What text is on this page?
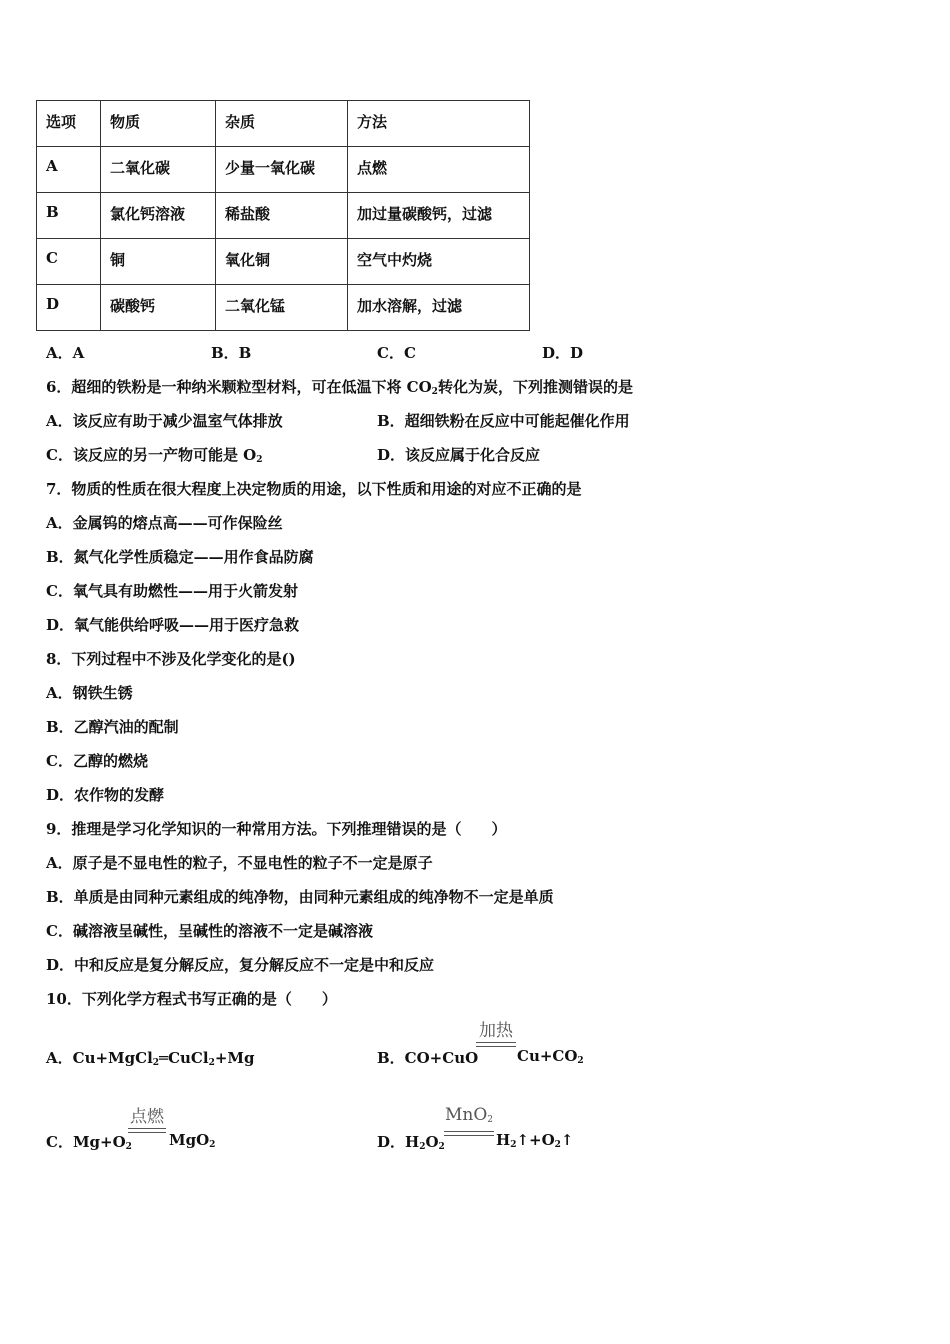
选项	物质	杂质	方法
A	二氧化碳	少量一氧化碳	点燃
B	氯化钙溶液	稀盐酸	加过量碳酸钙，过滤
C	铜	氧化铜	空气中灼烧
D	碳酸钙	二氧化锰	加水溶解，过滤
A．A	B．B	C．C	D．D
6．超细的铁粉是一种纳米颗粒型材料，可在低温下将 $CO_2$转化为炭，下列推测错误的是
A．该反应有助于减少温室气体排放	B．超细铁粉在反应中可能起催化作用
C．该反应的另一产物可能是 $O_2$	D．该反应属于化合反应
7．物质的性质在很大程度上决定物质的用途，以下性质和用途的对应不正确的是
A．金属钨的熔点高——可作保险丝
B．氮气化学性质稳定——用作食品防腐
C．氧气具有助燃性——用于火箭发射
D．氧气能供给呼吸——用于医疗急救
8．下列过程中不涉及化学变化的是()
A．钢铁生锈
B．乙醇汽油的配制
C．乙醇的燃烧
D．农作物的发酵
9．推理是学习化学知识的一种常用方法。下列推理错误的是（　　）
A．原子是不显电性的粒子，不显电性的粒子不一定是原子
B．单质是由同种元素组成的纯净物，由同种元素组成的纯净物不一定是单质
C．碱溶液呈碱性，呈碱性的溶液不一定是碱溶液
D．中和反应是复分解反应，复分解反应不一定是中和反应
10．下列化学方程式书写正确的是（　　）
A．Cu+MgCl$_2$═CuCl$_2$+Mg	B．CO+CuO
加热
$Cu+CO_2$
C．$Mg+O_2$
点燃
MgO$_2$	D．$H_2O_2$
MnO$_2$
$H_2↑+O_2↑$
